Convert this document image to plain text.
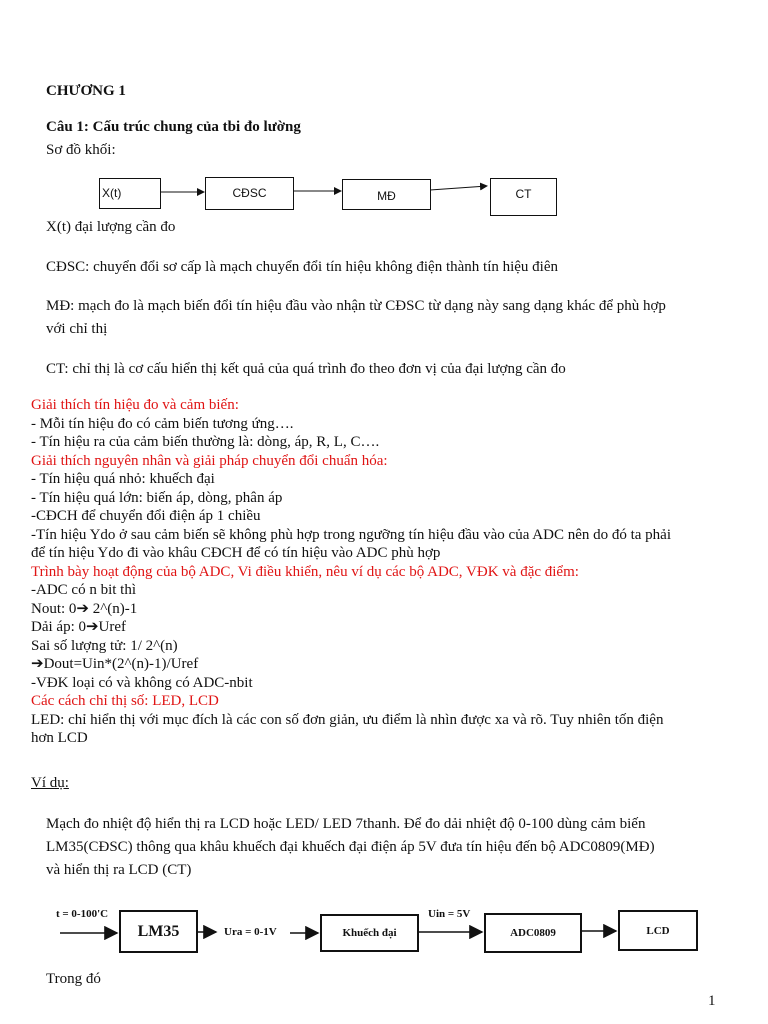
CHƯƠNG 1
Câu 1: Cấu trúc chung của tbi đo lường
Sơ đồ khối:
X(t)	CĐSC	MĐ	CT
X(t) đại lượng cần đo
CĐSC: chuyển đổi sơ cấp là mạch chuyển đổi tín hiệu không điện thành tín hiệu điên
MĐ: mạch đo là mạch biến đổi tín hiệu đầu vào nhận từ CĐSC từ dạng này sang dạng khác để phù hợp
với chỉ thị
CT: chỉ thị là cơ cấu hiển thị kết quả của quá trình đo theo đơn vị của đại lượng cần đo
Giải thích tín hiệu đo và cảm biến:
- Mỗi tín hiệu đo có cảm biến tương ứng….
- Tín hiệu ra của cảm biến thường là: dòng, áp, R, L, C….
Giải thích nguyên nhân và giải pháp chuyển đổi chuẩn hóa:
- Tín hiệu quá nhỏ: khuếch đại
- Tín hiệu quá lớn: biến áp, dòng, phân áp
-CĐCH để chuyển đổi điện áp 1 chiều
-Tín hiệu Ydo ở sau cảm biến sẽ không phù hợp trong ngưỡng tín hiệu đầu vào của ADC nên do đó ta phải
để tín hiệu Ydo đi vào khâu CĐCH để có tín hiệu vào ADC phù hợp
Trình bày hoạt động của bộ ADC, Vi điều khiển, nêu ví dụ các bộ ADC, VĐK và đặc điểm:
-ADC có n bit thì
Nout: 0➔ 2^(n)-1
Dải áp: 0➔Uref
Sai số lượng tử: 1/ 2^(n)
➔Dout=Uin*(2^(n)-1)/Uref
-VĐK loại có và không có ADC-nbit
Các cách chỉ thị số: LED, LCD
LED: chỉ hiển thị với mục đích là các con số đơn giản, ưu điểm là nhìn được xa và rõ. Tuy nhiên tốn điện
hơn LCD
Ví dụ:
Mạch đo nhiệt độ hiển thị ra LCD hoặc LED/ LED 7thanh. Để đo dải nhiệt độ 0-100 dùng cảm biến
LM35(CĐSC) thông qua khâu khuếch đại khuếch đại điện áp 5V đưa tín hiệu đến bộ ADC0809(MĐ)
và hiển thị ra LCD (CT)
t = 0-100'C
LM35	Ura = 0-1V	Khuếch đại
Uin = 5V
ADC0809	LCD
Trong đó
1
